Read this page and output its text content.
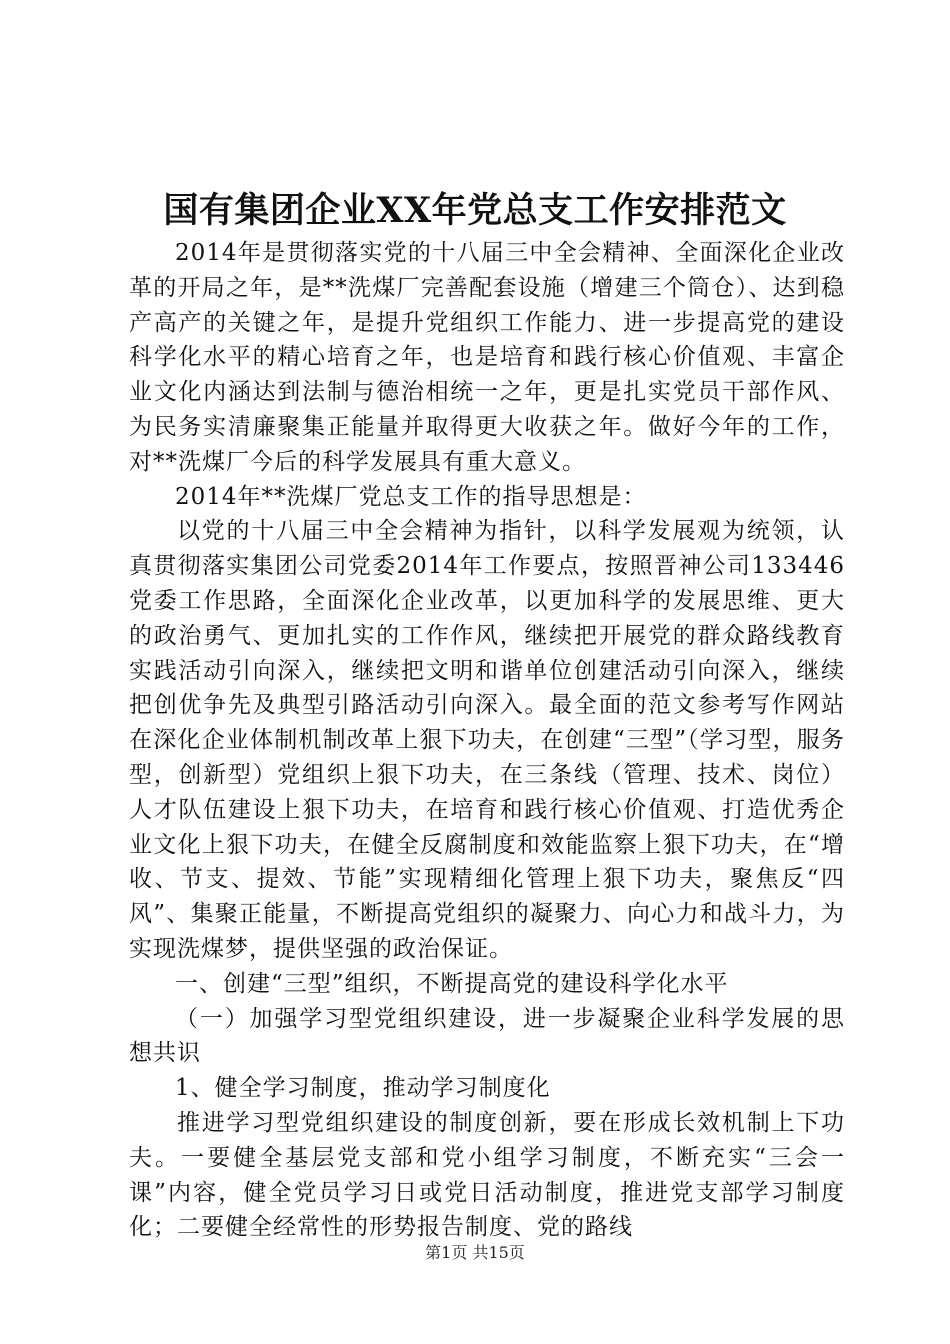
国有集团企业XX年党总支工作安排范文

2014年是贯彻落实党的十八届三中全会精神、全面深化企业改革的开局之年，是**洗煤厂完善配套设施（增建三个筒仓）、达到稳产高产的关键之年，是提升党组织工作能力、进一步提高党的建设科学化水平的精心培育之年，也是培育和践行核心价值观、丰富企业文化内涵达到法制与德治相统一之年，更是扎实党员干部作风、为民务实清廉聚集正能量并取得更大收获之年。做好今年的工作，对**洗煤厂今后的科学发展具有重大意义。

2014年**洗煤厂党总支工作的指导思想是：

以党的十八届三中全会精神为指针，以科学发展观为统领，认真贯彻落实集团公司党委2014年工作要点，按照晋神公司133446党委工作思路，全面深化企业改革，以更加科学的发展思维、更大的政治勇气、更加扎实的工作作风，继续把开展党的群众路线教育实践活动引向深入，继续把文明和谐单位创建活动引向深入，继续把创优争先及典型引路活动引向深入。最全面的范文参考写作网站在深化企业体制机制改革上狠下功夫，在创建“三型”（学习型，服务型，创新型）党组织上狠下功夫，在三条线（管理、技术、岗位）人才队伍建设上狠下功夫，在培育和践行核心价值观、打造优秀企业文化上狠下功夫，在健全反腐制度和效能监察上狠下功夫，在“增收、节支、提效、节能”实现精细化管理上狠下功夫，聚焦反“四风”、集聚正能量，不断提高党组织的凝聚力、向心力和战斗力，为实现洗煤梦，提供坚强的政治保证。

一、创建“三型”组织，不断提高党的建设科学化水平

（一）加强学习型党组织建设，进一步凝聚企业科学发展的思想共识

1、健全学习制度，推动学习制度化

推进学习型党组织建设的制度创新，要在形成长效机制上下功夫。一要健全基层党支部和党小组学习制度，不断充实“三会一课”内容，健全党员学习日或党日活动制度，推进党支部学习制度化；二要健全经常性的形势报告制度、党的路线

第1页 共15页
